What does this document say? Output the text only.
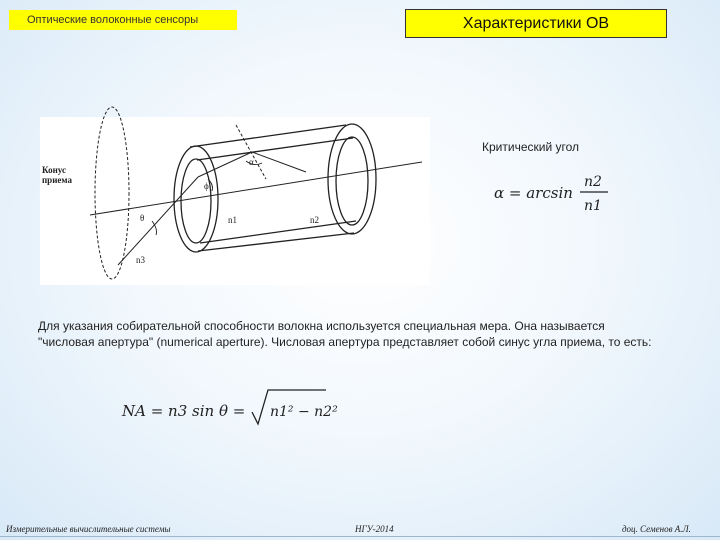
Оптические волоконные сенсоры	Характеристики ОВ
Конус
приема
α
ϕ
θ	n1	n2
n3
Критический угол
α = arcsin
n2
n1
Для указания собирательной способности волокна используется специальная мера. Она называется "числовая апертура" (numerical aperture). Числовая апертура представляет собой синус угла приема, то есть:
NA = n3 sin θ = n1² − n2²
Измерительные вычислительные системы	НГУ-2014	доц. Семенов А.Л.
